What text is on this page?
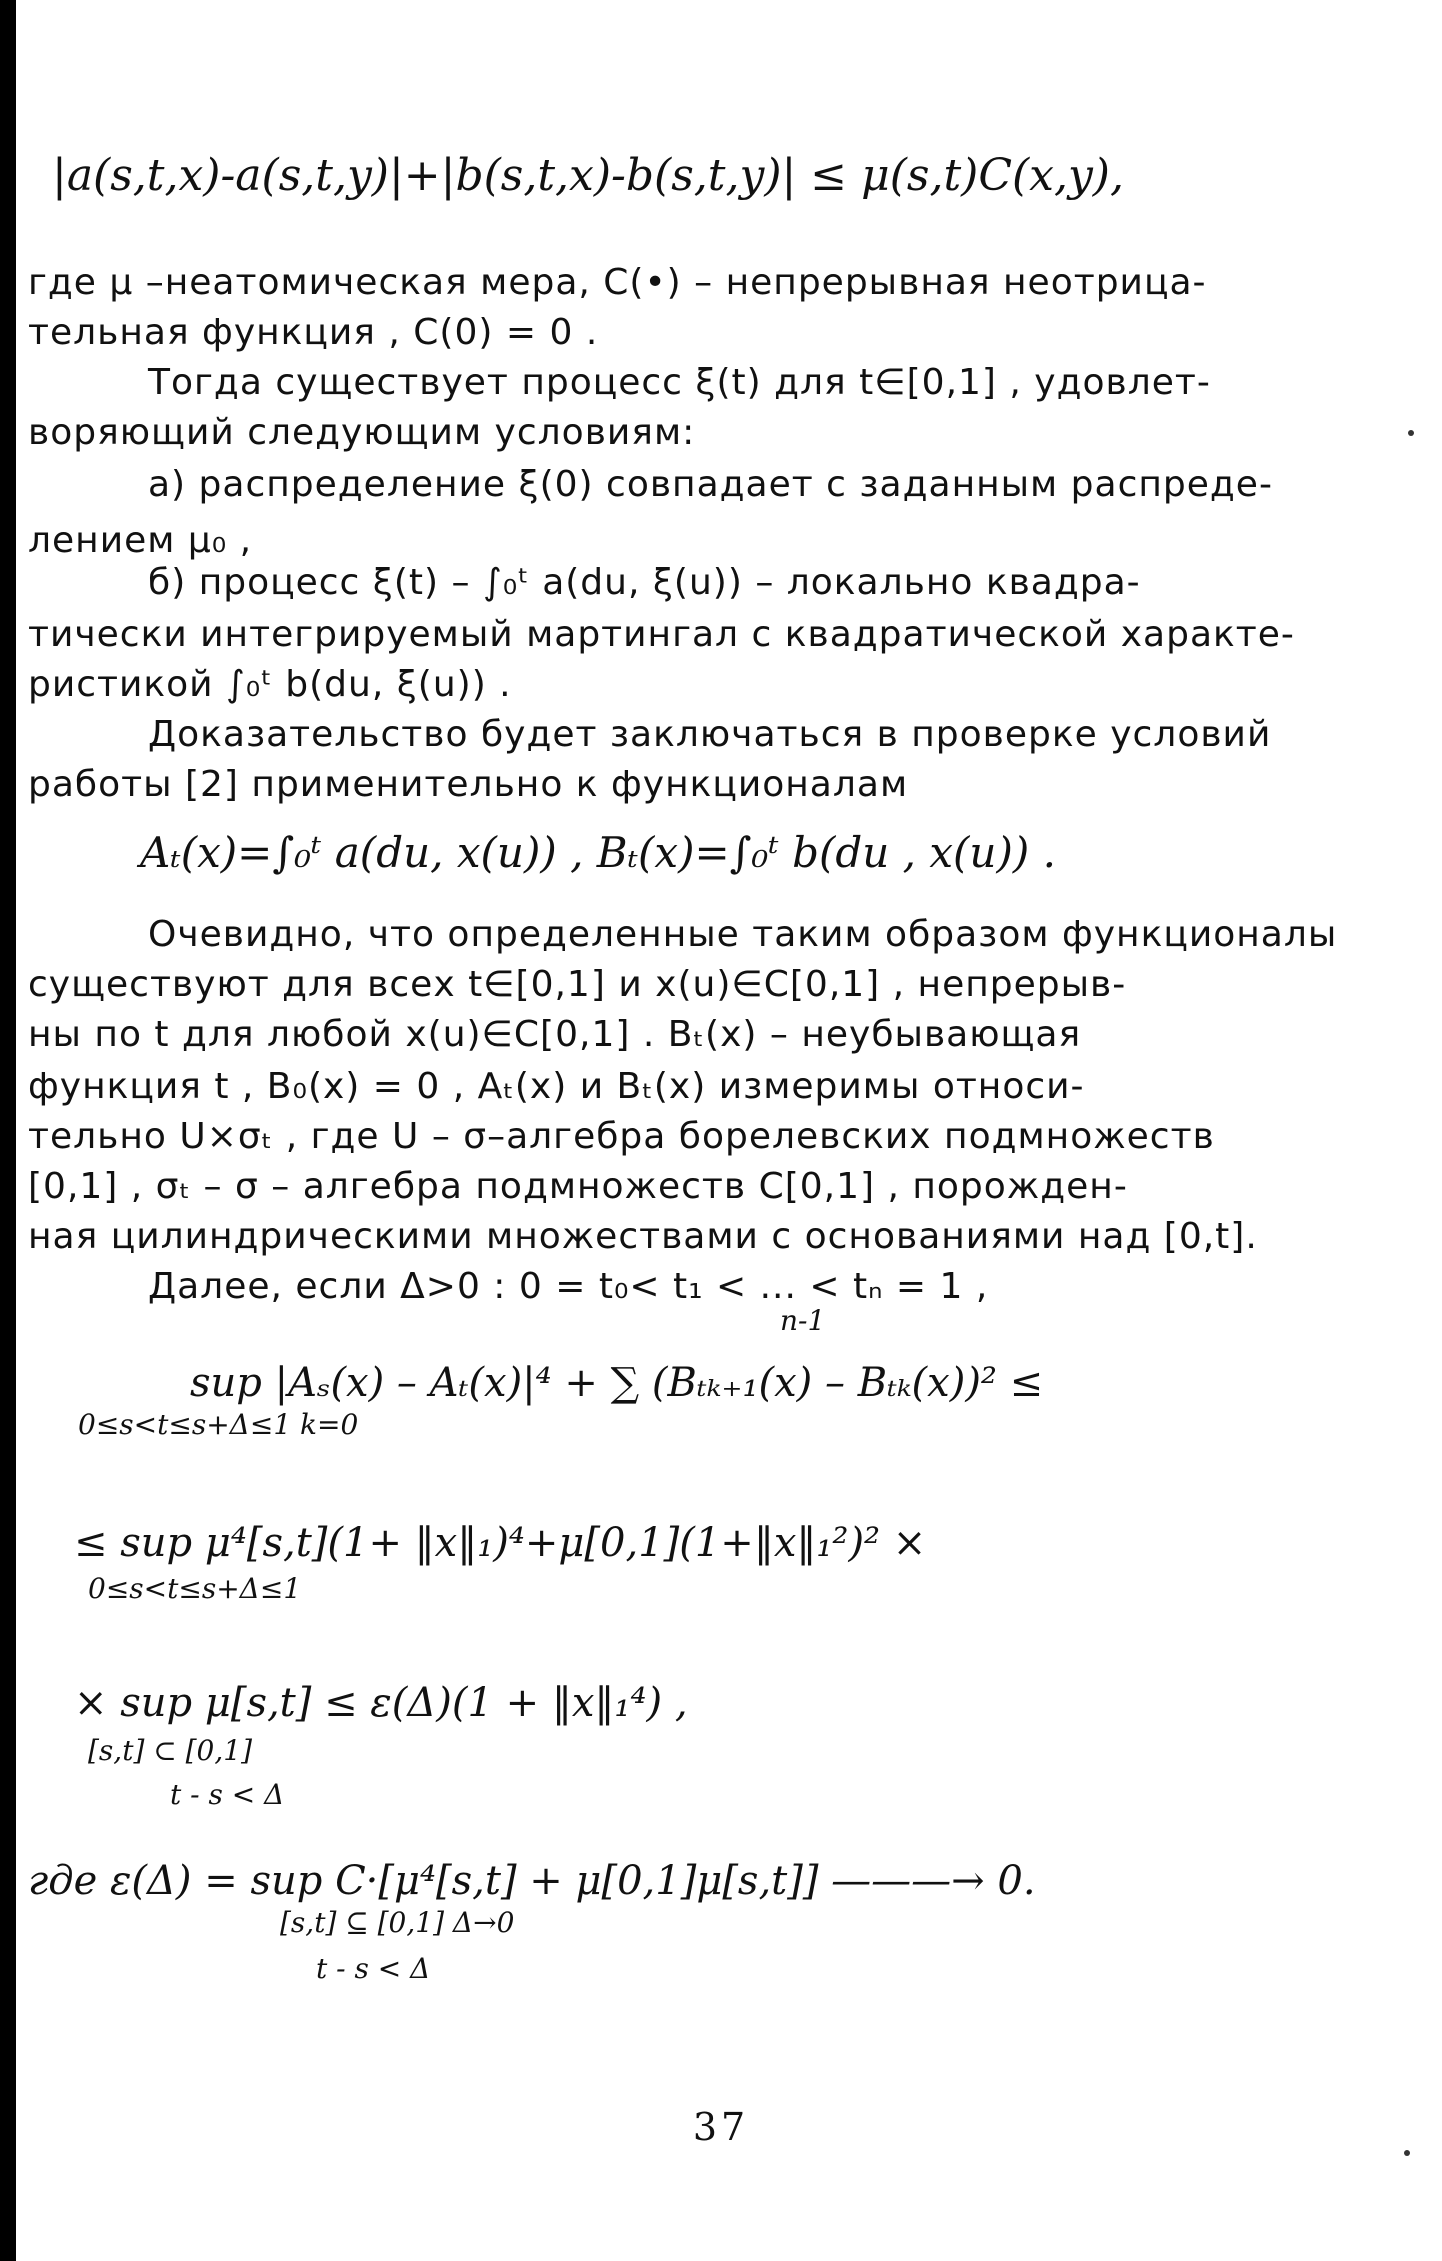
|a(s,t,x)-a(s,t,y)|+|b(s,t,x)-b(s,t,y)| ≤ μ(s,t)C(x,y),
где μ –неатомическая мера, C(•) – непрерывная неотрица-
тельная функция , C(0) = 0 .
Тогда существует процесс ξ(t) для t∈[0,1] , удовлет-
воряющий следующим условиям:
а) распределение ξ(0) совпадает с заданным распреде-
лением μ₀ ,
б) процесс ξ(t) – ∫₀ᵗ a(du, ξ(u)) – локально квадра-
тически интегрируемый мартингал с квадратической характе-
ристикой ∫₀ᵗ b(du, ξ(u)) .
Доказательство будет заключаться в проверке условий
работы [2] применительно к функционалам
Aₜ(x)=∫₀ᵗ a(du, x(u)) , Bₜ(x)=∫₀ᵗ b(du , x(u)) .
Очевидно, что определенные таким образом функционалы
существуют для всех t∈[0,1] и x(u)∈C[0,1] , непрерыв-
ны по t для любой x(u)∈C[0,1] . Bₜ(x) – неубывающая
функция t , B₀(x) = 0 , Aₜ(x) и Bₜ(x) измеримы относи-
тельно U×σₜ , где U – σ–алгебра борелевских подмножеств
[0,1] , σₜ – σ – алгебра подмножеств C[0,1] , порожден-
ная цилиндрическими множествами с основаниями над [0,t].
Далее, если Δ>0 : 0 = t₀< t₁ < ... < tₙ = 1 ,
n-1
sup |Aₛ(x) – Aₜ(x)|⁴ + ∑ (Bₜₖ₊₁(x) – Bₜₖ(x))² ≤
0≤s<t≤s+Δ≤1 k=0
≤ sup μ⁴[s,t](1+ ‖x‖₁)⁴+μ[0,1](1+‖x‖₁²)² ×
0≤s<t≤s+Δ≤1
× sup μ[s,t] ≤ ε(Δ)(1 + ‖x‖₁⁴) ,
[s,t] ⊂ [0,1]
t - s < Δ
где ε(Δ) = sup C·[μ⁴[s,t] + μ[0,1]μ[s,t]] ———→ 0.
[s,t] ⊆ [0,1] Δ→0
t - s < Δ
37
